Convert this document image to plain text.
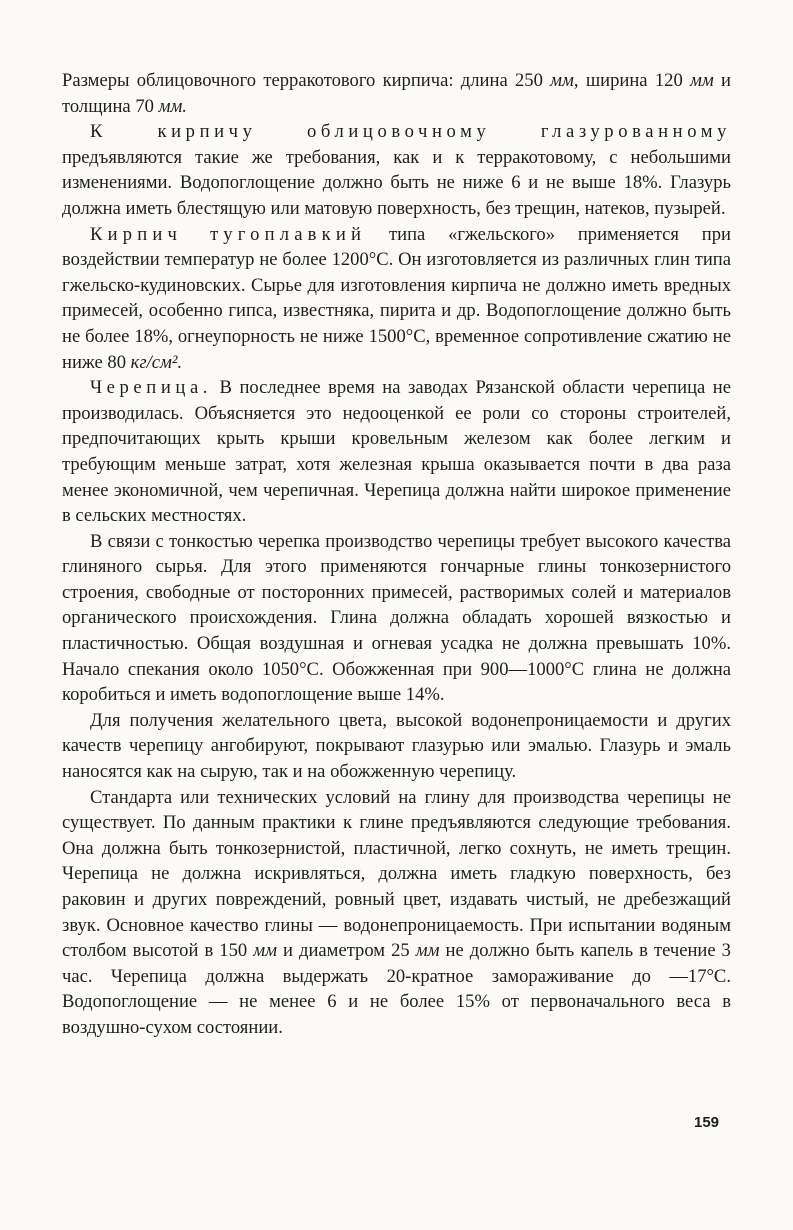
Размеры облицовочного терракотового кирпича: длина 250 мм, ширина 120 мм и толщина 70 мм.

К кирпичу облицовочному глазурованному предъявляются такие же требования, как и к терракотовому, с небольшими изменениями. Водопоглощение должно быть не ниже 6 и не выше 18%. Глазурь должна иметь блестящую или матовую поверхность, без трещин, натеков, пузырей.

Кирпич тугоплавкий типа «гжельского» применяется при воздействии температур не более 1200°С. Он изготовляется из различных глин типа гжельско-кудиновских. Сырье для изготовления кирпича не должно иметь вредных примесей, особенно гипса, известняка, пирита и др. Водопоглощение должно быть не более 18%, огнеупорность не ниже 1500°С, временное сопротивление сжатию не ниже 80 кг/см².

Черепица. В последнее время на заводах Рязанской области черепица не производилась. Объясняется это недооценкой ее роли со стороны строителей, предпочитающих крыть крыши кровельным железом как более легким и требующим меньше затрат, хотя железная крыша оказывается почти в два раза менее экономичной, чем черепичная. Черепица должна найти широкое применение в сельских местностях.

В связи с тонкостью черепка производство черепицы требует высокого качества глиняного сырья. Для этого применяются гончарные глины тонкозернистого строения, свободные от посторонних примесей, растворимых солей и материалов органического происхождения. Глина должна обладать хорошей вязкостью и пластичностью. Общая воздушная и огневая усадка не должна превышать 10%. Начало спекания около 1050°С. Обожженная при 900—1000°С глина не должна коробиться и иметь водопоглощение выше 14%.

Для получения желательного цвета, высокой водонепроницаемости и других качеств черепицу ангобируют, покрывают глазурью или эмалью. Глазурь и эмаль наносятся как на сырую, так и на обожженную черепицу.

Стандарта или технических условий на глину для производства черепицы не существует. По данным практики к глине предъявляются следующие требования. Она должна быть тонкозернистой, пластичной, легко сохнуть, не иметь трещин. Черепица не должна искривляться, должна иметь гладкую поверхность, без раковин и других повреждений, ровный цвет, издавать чистый, не дребезжащий звук. Основное качество глины — водонепроницаемость. При испытании водяным столбом высотой в 150 мм и диаметром 25 мм не должно быть капель в течение 3 час. Черепица должна выдержать 20-кратное замораживание до —17°С. Водопоглощение — не менее 6 и не более 15% от первоначального веса в воздушно-сухом состоянии.

159
